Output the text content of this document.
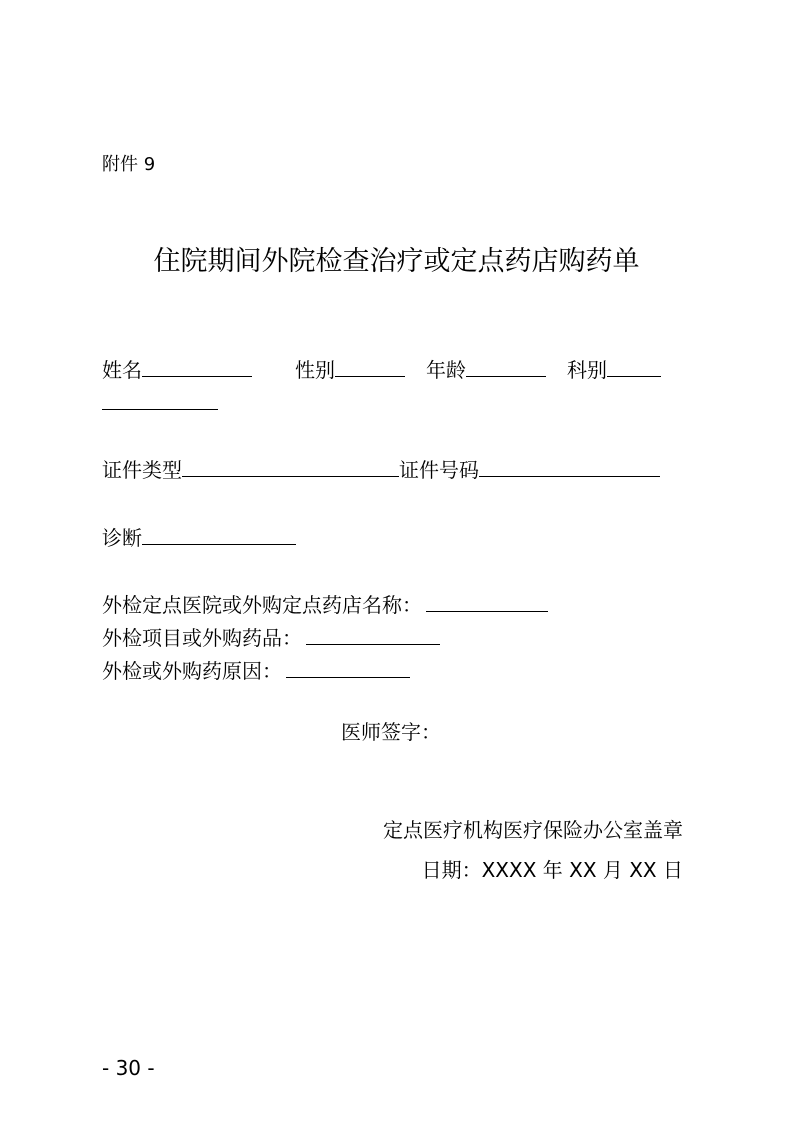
附件 9
住院期间外院检查治疗或定点药店购药单
姓名	性别	年龄	科别
证件类型	证件号码
诊断
外检定点医院或外购定点药店名称：
外检项目或外购药品：
外检或外购药原因：
医师签字：
定点医疗机构医疗保险办公室盖章
日期：XXXX 年 XX 月 XX 日
- 30 -
